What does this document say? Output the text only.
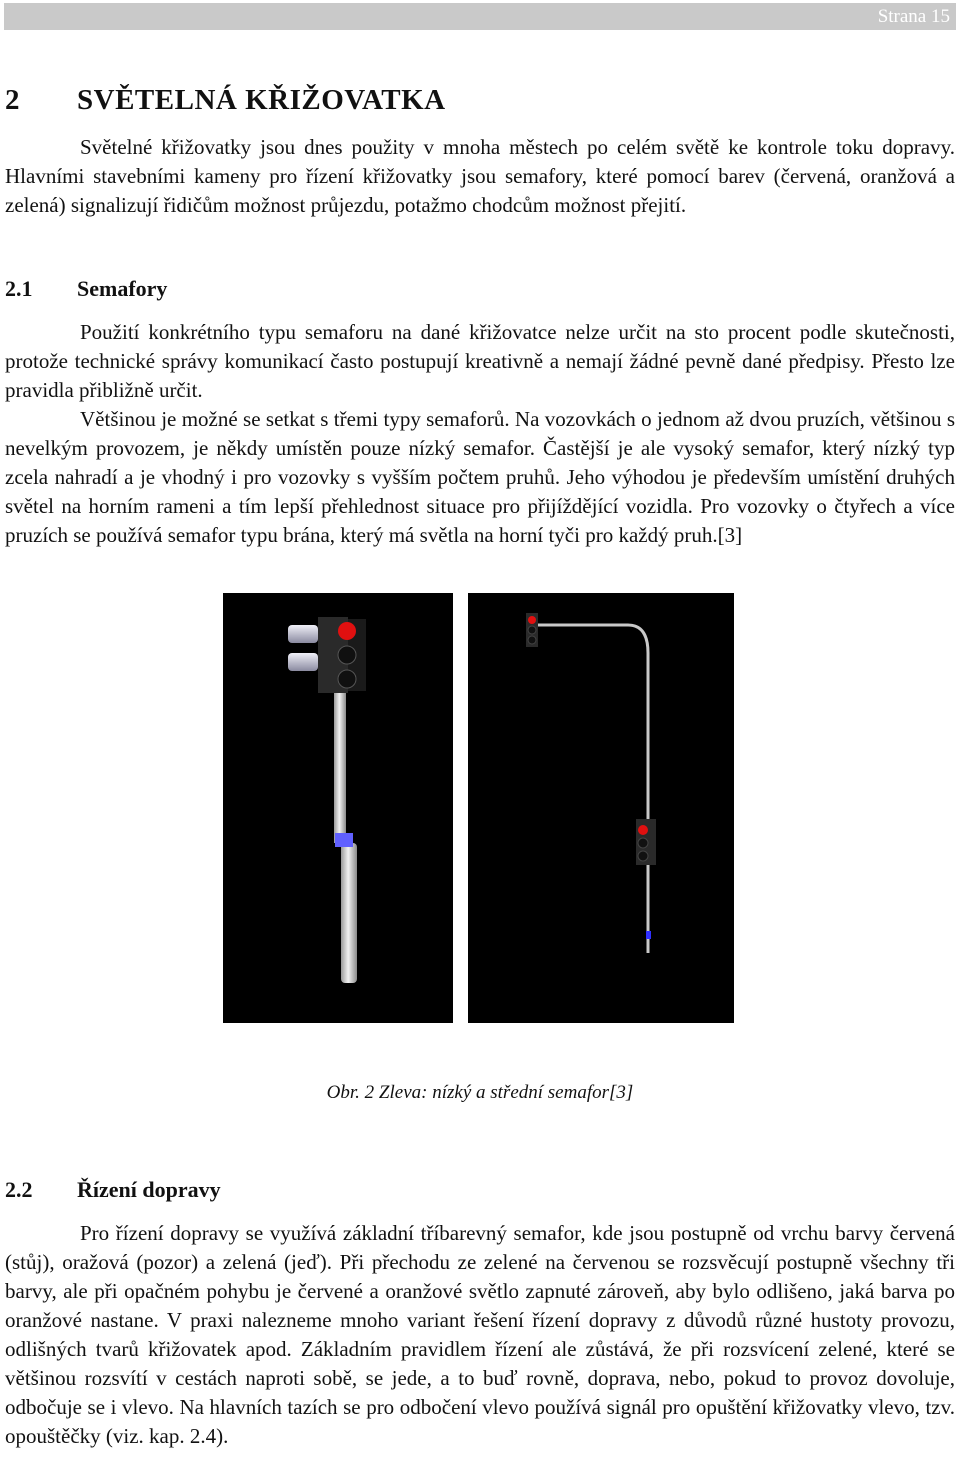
Strana 15
2 SVĚTELNÁ KŘIŽOVATKA

Světelné křižovatky jsou dnes použity v mnoha městech po celém světě ke kontrole toku dopravy. Hlavními stavebními kameny pro řízení křižovatky jsou semafory, které pomocí barev (červená, oranžová a zelená) signalizují řidičům možnost průjezdu, potažmo chodcům možnost přejití.

2.1 Semafory

Použití konkrétního typu semaforu na dané křižovatce nelze určit na sto procent podle skutečnosti, protože technické správy komunikací často postupují kreativně a nemají žádné pevně dané předpisy. Přesto lze pravidla přibližně určit.

Většinou je možné se setkat s třemi typy semaforů. Na vozovkách o jednom až dvou pruzích, většinou s nevelkým provozem, je někdy umístěn pouze nízký semafor. Častější je ale vysoký semafor, který nízký typ zcela nahradí a je vhodný i pro vozovky s vyšším počtem pruhů. Jeho výhodou je především umístění druhých světel na horním rameni a tím lepší přehlednost situace pro přijíždějící vozidla. Pro vozovky o čtyřech a více pruzích se používá semafor typu brána, který má světla na horní tyči pro každý pruh.[3]

Obr. 2 Zleva: nízký a střední semafor[3]
2.2 Řízení dopravy

Pro řízení dopravy se využívá základní tříbarevný semafor, kde jsou postupně od vrchu barvy červená (stůj), oražová (pozor) a zelená (jeď). Při přechodu ze zelené na červenou se rozsvěcují postupně všechny tři barvy, ale při opačném pohybu je červené a oranžové světlo zapnuté zároveň, aby bylo odlišeno, jaká barva po oranžové nastane. V praxi nalezneme mnoho variant řešení řízení dopravy z důvodů různé hustoty provozu, odlišných tvarů křižovatek apod. Základním pravidlem řízení ale zůstává, že při rozsvícení zelené, které se většinou rozsvítí v cestách naproti sobě, se jede, a to buď rovně, doprava, nebo, pokud to provoz dovoluje, odbočuje se i vlevo. Na hlavních tazích se pro odbočení vlevo používá signál pro opuštění křižovatky vlevo, tzv. opouštěčky (viz. kap. 2.4).
